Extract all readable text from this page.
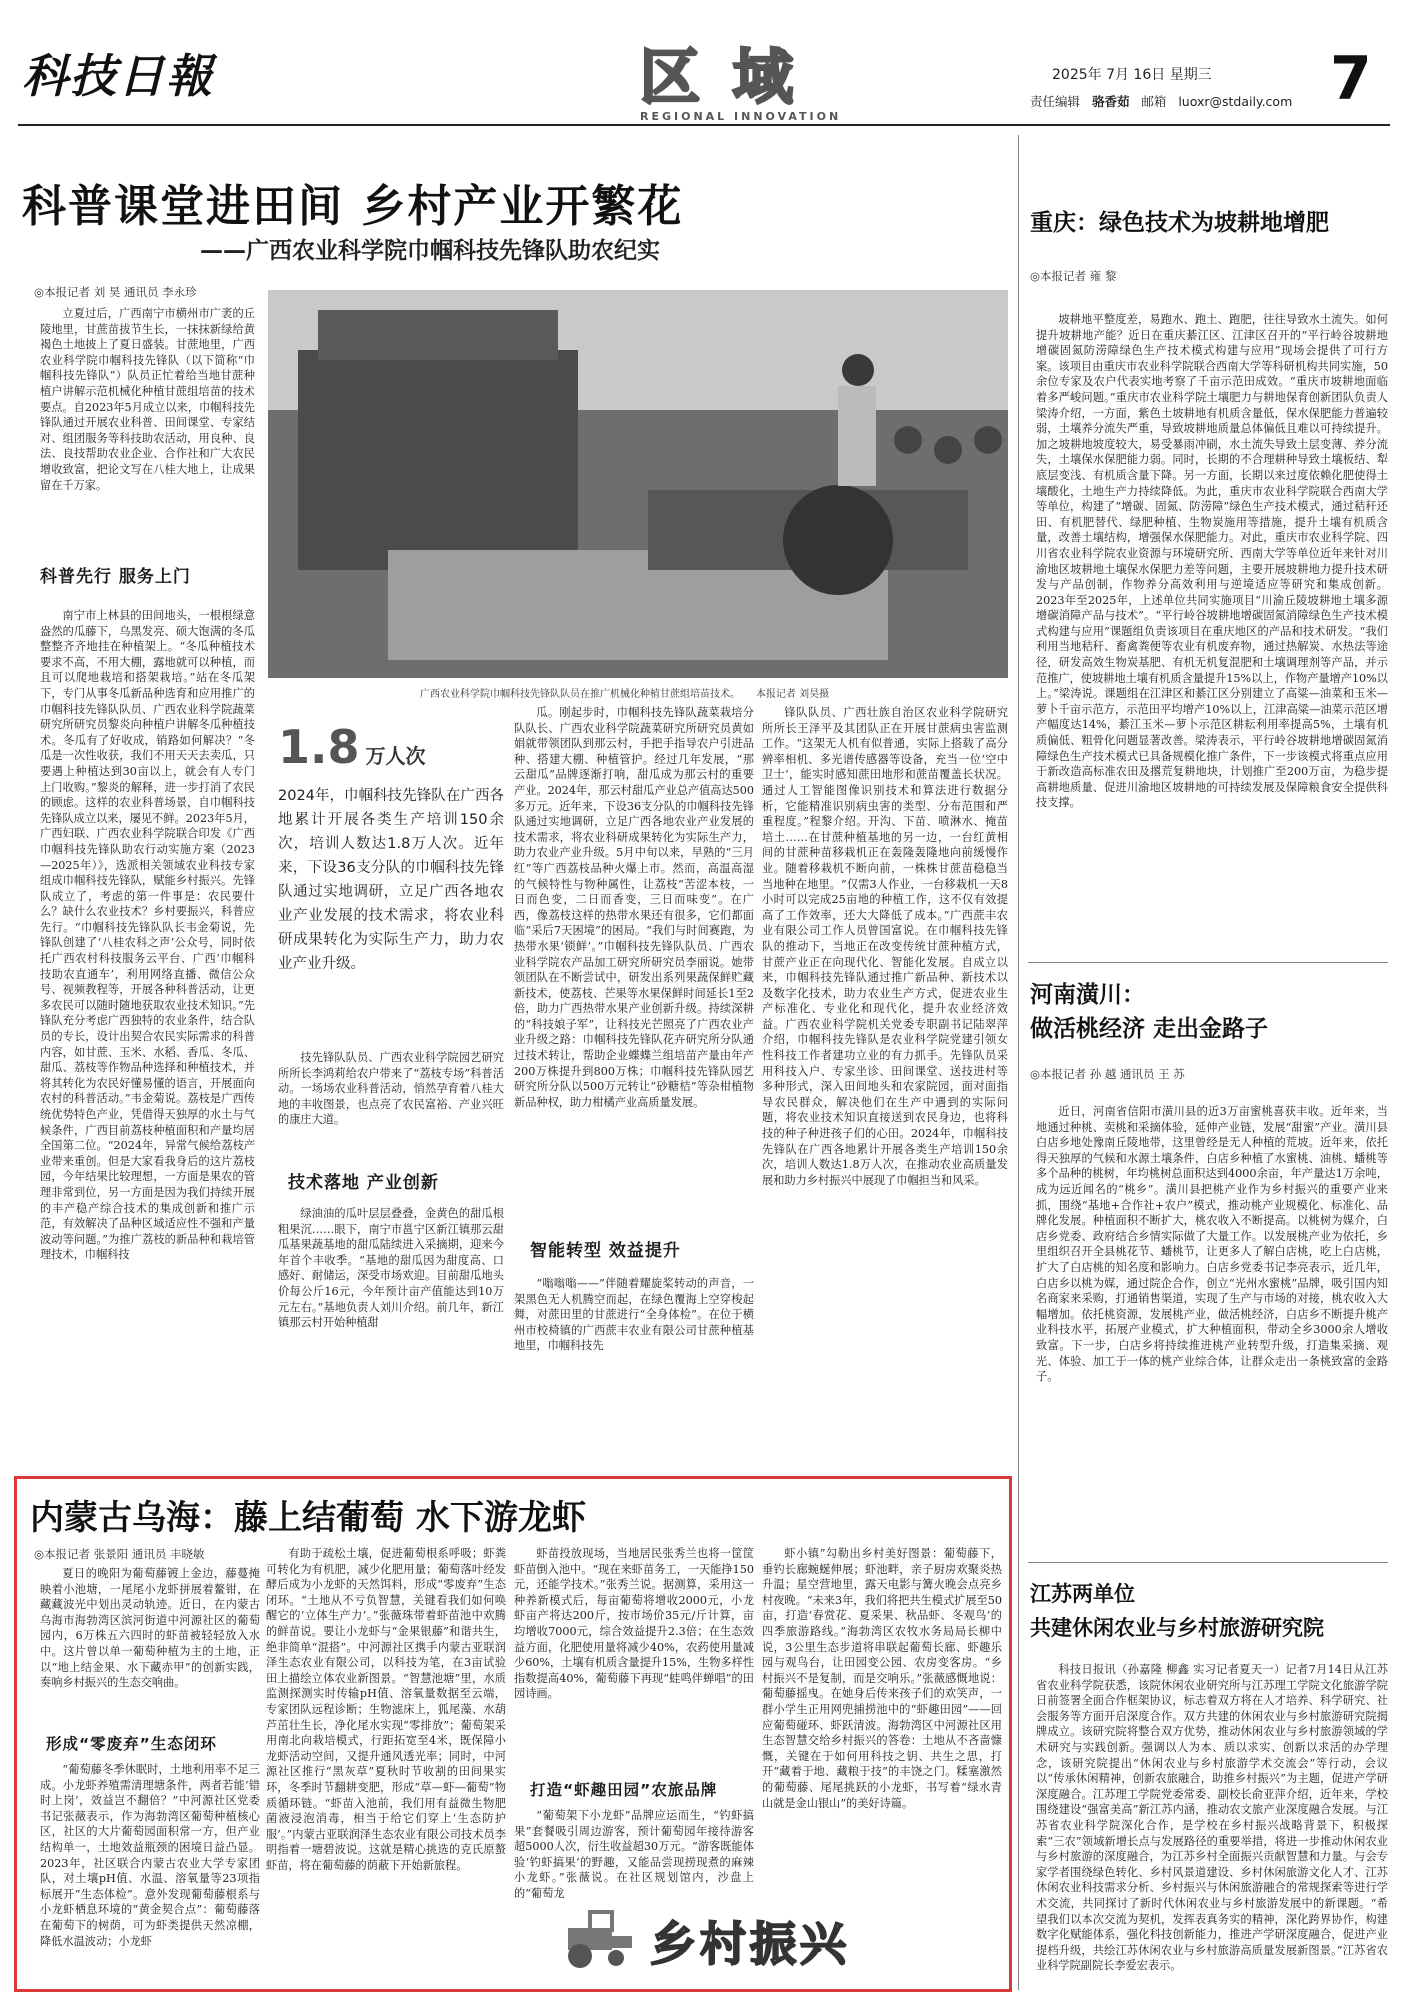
科技日報	区 域
REGIONAL INNOVATION
2025年 7月 16日 星期三
责任编辑 骆香茹 邮箱 luoxr@stdaily.com 7
科普课堂进田间 乡村产业开繁花
——广西农业科学院巾帼科技先锋队助农纪实
◎本报记者 刘 昊 通讯员 李永珍
立夏过后，广西南宁市横州市广袤的丘陵地里，甘蔗苗拔节生长，一抹抹新绿给黄褐色土地披上了夏日盛装。甘蔗地里，广西农业科学院巾帼科技先锋队（以下简称“巾帼科技先锋队”）队员正忙着给当地甘蔗种植户讲解示范机械化种植甘蔗组培苗的技术要点。自2023年5月成立以来，巾帼科技先锋队通过开展农业科普、田间课堂、专家结对、组团服务等科技助农活动，用良种、良法、良技帮助农业企业、合作社和广大农民增收致富，把论文写在八桂大地上，让成果留在千万家。
科普先行 服务上门
南宁市上林县的田间地头，一根根绿意盎然的瓜藤下，乌黑发亮、硕大饱满的冬瓜整整齐齐地挂在种植架上。“冬瓜种植技术要求不高，不用大棚，露地就可以种植，而且可以爬地栽培和搭架栽培。”站在冬瓜架下，专门从事冬瓜新品种选育和应用推广的巾帼科技先锋队队员、广西农业科学院蔬菜研究所研究员黎炎向种植户讲解冬瓜种植技术。冬瓜有了好收成，销路如何解决？“冬瓜是一次性收获，我们不用天天去卖瓜，只要遇上种植达到30亩以上，就会有人专门上门收购。”黎炎的解释，进一步打消了农民的顾虑。这样的农业科普场景，自巾帼科技先锋队成立以来，屡见不鲜。2023年5月，广西妇联、广西农业科学院联合印发《广西巾帼科技先锋队助农行动实施方案（2023—2025年）》，选派相关领域农业科技专家组成巾帼科技先锋队，赋能乡村振兴。先锋队成立了，考虑的第一件事是：农民要什么？缺什么农业技术？乡村要振兴，科普应先行。“巾帼科技先锋队队长韦金菊说，先锋队创建了‘八桂农科之声’公众号，同时依托广西农村科技服务云平台、广西‘巾帼科技助农直通车’，利用网络直播、微信公众号、视频教程等，开展各种科普活动，让更多农民可以随时随地获取农业技术知识。”先锋队充分考虑广西独特的农业条件，结合队员的专长，设计出契合农民实际需求的科普内容，如甘蔗、玉米、水稻、香瓜、冬瓜、甜瓜、荔枝等作物品种选择和种植技术，并将其转化为农民好懂易懂的语言，开展面向农村的科普活动。”韦金菊说。荔枝是广西传统优势特色产业，凭借得天独厚的水土与气候条件，广西目前荔枝种植面积和产量均居全国第二位。“2024年，异常气候给荔枝产业带来重创。但是大家看我身后的这片荔枝园，今年结果比较理想，一方面是果农的管理非常到位，另一方面是因为我们持续开展的丰产稳产综合技术的集成创新和推广示范，有效解决了品种区域适应性不强和产量波动等问题。”为推广荔枝的新品种和栽培管理技术，巾帼科技
广西农业科学院巾帼科技先锋队队员在推广机械化种植甘蔗组培苗技术。 本报记者 刘昊摄
1.8 万人次
2024年，巾帼科技先锋队在广西各地累计开展各类生产培训150余次，培训人数达1.8万人次。近年来，下设36支分队的巾帼科技先锋队通过实地调研，立足广西各地农业产业发展的技术需求，将农业科研成果转化为实际生产力，助力农业产业升级。
技先锋队队员、广西农业科学院园艺研究所所长李鸿莉给农户带来了“荔枝专场”科普活动。一场场农业科普活动，悄然孕育着八桂大地的丰收图景，也点亮了农民富裕、产业兴旺的康庄大道。
技术落地 产业创新
绿油油的瓜叶层层叠叠，金黄色的甜瓜根粗果沉……眼下，南宁市邕宁区新江镇那云甜瓜基果蔬基地的甜瓜陆续进入采摘期，迎来今年首个丰收季。“基地的甜瓜因为甜度高、口感好、耐储运，深受市场欢迎。目前甜瓜地头价每公斤16元，今年预计亩产值能达到10万元左右。”基地负责人刘川介绍。前几年，新江镇那云村开始种植甜
瓜。刚起步时，巾帼科技先锋队蔬菜栽培分队队长、广西农业科学院蔬菜研究所研究员黄如娟就带领团队到那云村，手把手指导农户引进品种、搭建大棚、种植管护。经过几年发展，“那云甜瓜”品牌逐渐打响，甜瓜成为那云村的重要产业。2024年，那云村甜瓜产业总产值高达500多万元。近年来，下设36支分队的巾帼科技先锋队通过实地调研，立足广西各地农业产业发展的技术需求，将农业科研成果转化为实际生产力，助力农业产业升级。5月中旬以来，早熟的“三月红”等广西荔枝品种火爆上市。然而，高温高湿的气候特性与物种属性，让荔枝“苦涩本枝，一日而色变，二日而香变，三日而味变”。在广西，像荔枝这样的热带水果还有很多，它们都面临“采后7天困境”的困局。“我们与时间赛跑，为热带水果‘锁鲜’。”巾帼科技先锋队队员、广西农业科学院农产品加工研究所研究员李丽说。她带领团队在不断尝试中，研发出系列果蔬保鲜贮藏新技术，使荔枝、芒果等水果保鲜时间延长1至2倍，助力广西热带水果产业创新升级。持续深耕的“科技娘子军”，让科技光芒照亮了广西农业产业升级之路：巾帼科技先锋队花卉研究所分队通过技术转让，帮助企业蝶蝶兰组培苗产量由年产200万株提升到800万株；巾帼科技先锋队园艺研究所分队以500万元转让“砂糖桔”等杂柑植物新品种权，助力柑橘产业高质量发展。
智能转型 效益提升
“嗡嗡嗡——”伴随着耀旋桨转动的声音，一架黑色无人机腾空而起，在绿色覆海上空穿梭起舞，对蔗田里的甘蔗进行“全身体检”。在位于横州市校椅镇的广西蔗丰农业有限公司甘蔗种植基地里，巾帼科技先
锋队队员、广西壮族自治区农业科学院研究所所长王泽平及其团队正在开展甘蔗病虫害监测工作。“这架无人机有似普通，实际上搭载了高分辨率相机、多光谱传感器等设备，充当一位‘空中卫士’，能实时感知蔗田地形和蔗苗覆盖长状况。通过人工智能图像识别技术和算法进行数据分析，它能精准识别病虫害的类型、分布范围和严重程度。”程黎介绍。开沟、下苗、喷淋水、掩苗培土……在甘蔗种植基地的另一边，一台红黄相间的甘蔗种苗移栽机正在轰隆轰隆地向前缓慢作业。随着移栽机不断向前，一株株甘蔗苗稳稳当当地种在地里。“仅需3人作业，一台移栽机一天8小时可以完成25亩地的种植工作，这不仅有效提高了工作效率，还大大降低了成本。”广西蔗丰农业有限公司工作人员曾国富说。在巾帼科技先锋队的推动下，当地正在改变传统甘蔗种植方式，甘蔗产业正在向现代化、智能化发展。自成立以来，巾帼科技先锋队通过推广新品种、新技术以及数字化技术，助力农业生产方式，促进农业生产标准化、专业化和现代化，提升农业经济效益。广西农业科学院机关党委专职副书记陆翠萍介绍，巾帼科技先锋队是农业科学院党建引领女性科技工作者建功立业的有力抓手。先锋队员采用科技入户、专家坐诊、田间课堂、送技进村等多种形式，深入田间地头和农家院园，面对面指导农民群众，解决他们在生产中遇到的实际问题，将农业技术知识直接送到农民身边，也将科技的种子种进孩子们的心田。2024年，巾帼科技先锋队在广西各地累计开展各类生产培训150余次，培训人数达1.8万人次，在推动农业高质量发展和助力乡村振兴中展现了巾帼担当和风采。
重庆：绿色技术为坡耕地增肥
◎本报记者 雍 黎
坡耕地平整度差，易跑水、跑土、跑肥，往往导致水土流失。如何提升坡耕地产能？近日在重庆綦江区、江津区召开的“平行岭谷坡耕地增碳固氮防涝障绿色生产技术模式构建与应用”现场会提供了可行方案。该项目由重庆市农业科学院联合西南大学等科研机构共同实施，50余位专家及农户代表实地考察了千亩示范田成效。“重庆市坡耕地面临着多严峻问题。”重庆市农业科学院土壤肥力与耕地保育创新团队负责人梁涛介绍，一方面，紫色土坡耕地有机质含量低，保水保肥能力普遍较弱，土壤养分流失严重，导致坡耕地质量总体偏低且难以可持续提升。加之坡耕地坡度较大，易受暴雨冲刷，水土流失导致土层变薄、养分流失，土壤保水保肥能力弱。同时，长期的不合理耕种导致土壤板结、犁底层变浅、有机质含量下降。另一方面，长期以来过度依赖化肥使得土壤酸化，土地生产力持续降低。为此，重庆市农业科学院联合西南大学等单位，构建了“增碳、固氮、防涝障”绿色生产技术模式，通过秸秆还田、有机肥替代、绿肥种植、生物炭施用等措施，提升土壤有机质含量，改善土壤结构，增强保水保肥能力。对此，重庆市农业科学院、四川省农业科学院农业资源与环境研究所、西南大学等单位近年来针对川渝地区坡耕地土壤保水保肥力差等问题，主要开展坡耕地力提升技术研发与产品创制，作物养分高效利用与逆境适应等研究和集成创新。2023年至2025年，上述单位共同实施项目“川渝丘陵坡耕地土壤多源增碳消障产品与技术”。“平行岭谷坡耕地增碳固氮消障绿色生产技术模式构建与应用”课题组负责该项目在重庆地区的产品和技术研发。“我们利用当地秸秆、畜禽粪便等农业有机废弃物，通过热解炭、水热法等途径，研发高效生物炭基肥、有机无机复混肥和土壤调理剂等产品，并示范推广，使坡耕地土壤有机质含量提升15%以上，作物产量增产10%以上。”梁涛说。课题组在江津区和綦江区分别建立了高粱—油菜和玉米—萝卜千亩示范方，示范田平均增产10%以上，江津高粱—油菜示范区增产幅度达14%，綦江玉米—萝卜示范区耕耘利用率提高5%，土壤有机质偏低、粗骨化问题显著改善。梁涛表示，平行岭谷坡耕地增碳固氮消障绿色生产技术模式已具备规模化推广条件，下一步该模式将重点应用于新改造高标准农田及撂荒复耕地块，计划推广至200万亩，为稳步提高耕地质量、促进川渝地区坡耕地的可持续发展及保障粮食安全提供科技支撑。
河南潢川：
做活桃经济 走出金路子
◎本报记者 孙 越 通讯员 王 苏
近日，河南省信阳市潢川县的近3万亩蜜桃喜获丰收。近年来，当地通过种桃、卖桃和采摘体验，延伸产业链，发展“甜蜜”产业。潢川县白店乡地处豫南丘陵地带，这里曾经是无人种植的荒坡。近年来，依托得天独厚的气候和水源土壤条件，白店乡种植了水蜜桃、油桃、蟠桃等多个品种的桃树，年均桃树总面积达到4000余亩，年产量达1万余吨，成为远近闻名的“桃乡”。潢川县把桃产业作为乡村振兴的重要产业来抓，围绕“基地+合作社+农户”模式，推动桃产业规模化、标准化、品牌化发展。种植面积不断扩大，桃农收入不断提高。以桃树为媒介，白店乡党委、政府结合乡情实际做了大量工作。以发展桃产业为依托，乡里组织召开全县桃花节、蟠桃节，让更多人了解白店桃，吃上白店桃，扩大了白店桃的知名度和影响力。白店乡党委书记李亮表示，近几年，白店乡以桃为媒，通过院企合作，创立“光州水蜜桃”品牌，吸引国内知名商家来采购，打通销售渠道，实现了生产与市场的对接，桃农收入大幅增加。依托桃资源，发展桃产业，做活桃经济，白店乡不断提升桃产业科技水平，拓展产业模式，扩大种植面积，带动全乡3000余人增收致富。下一步，白店乡将持续推进桃产业转型升级，打造集采摘、观光、体验、加工于一体的桃产业综合体，让群众走出一条桃致富的金路子。
江苏两单位
共建休闲农业与乡村旅游研究院
科技日报讯（孙嘉隆 柳鑫 实习记者夏天一）记者7月14日从江苏省农业科学院获悉，该院休闲农业研究所与江苏理工学院文化旅游学院日前签署全面合作框架协议，标志着双方将在人才培养、科学研究、社会服务等方面开启深度合作。双方共建的休闲农业与乡村旅游研究院揭牌成立。该研究院将整合双方优势，推动休闲农业与乡村旅游领域的学术研究与实践创新。强调以人为本、质以求实、创新以求活的办学理念，该研究院提出“休闲农业与乡村旅游学术交流会”等行动，会议以“传承休闲精神，创新农旅融合，助推乡村振兴”为主题，促进产学研深度融合。江苏理工学院党委常委、副校长俞亚萍介绍，近年来，学校围绕建设“强富美高”新江苏内涵，推动农文旅产业深度融合发展。与江苏省农业科学院深化合作，是学校在乡村振兴战略背景下，积极探索“三农”领域新增长点与发展路径的重要举措，将进一步推动休闲农业与乡村旅游的深度融合，为江苏乡村全面振兴贡献智慧和力量。与会专家学者围绕绿色转化、乡村风景道建设、乡村休闲旅游文化人才、江苏休闲农业科技需求分析、乡村振兴与休闲旅游融合的常规探索等进行学术交流，共同探讨了新时代休闲农业与乡村旅游发展中的新课题。“希望我们以本次交流为契机，发挥表真务实的精神，深化跨界协作，构建数字化赋能体系，强化科技创新能力，推进产学研深度融合，促进产业提档升级，共绘江苏休闲农业与乡村旅游高质量发展新图景。”江苏省农业科学院副院长李爱宏表示。
内蒙古乌海：藤上结葡萄 水下游龙虾
◎本报记者 张景阳 通讯员 丰晓敏
夏日的晚阳为葡萄藤镀上金边，藤蔓掩映着小池塘，一尾尾小龙虾拼展着鳌钳，在藏藏波光中划出灵动轨迹。近日，在内蒙古乌海市海勃湾区滨河街道中河源社区的葡萄园内，6万株五六四时的虾苗被轻轻放入水中。这片曾以单一葡萄种植为主的土地，正以“地上结金果、水下藏赤甲”的创新实践，奏响乡村振兴的生态交响曲。
形成“零废弃”生态闭环
“葡萄藤冬季休眠时，土地利用率不足三成。小龙虾养殖需清理塘条件，两者若能‘错时上岗’，效益岂不翻倍？”中河源社区党委书记张薇表示，作为海勃湾区葡萄种植核心区，社区的大片葡萄园面积常一方，但产业结构单一，土地效益瓶颈的困境日益凸显。2023年，社区联合内蒙古农业大学专家团队，对土壤pH值、水温、溶氧量等23项指标展开“生态体检”。意外发现葡萄藤根系与小龙虾栖息环境的“黄金契合点”：葡萄藤落在葡萄下的树荫，可为虾类提供天然凉棚，降低水温波动；小龙虾
有助于疏松土壤，促进葡萄根系呼吸；虾粪可转化为有机肥，减少化肥用量；葡萄落叶经发酵后成为小龙虾的天然饵料，形成“零废弃”生态闭环。“土地从不亏负智慧，关键看我们如何唤醒它的‘立体生产力’。”张薇珠带着虾苗池中欢腾的鲜苗说。要让小龙虾与“金果银藤”和谐共生，绝非简单“混搭”。中河源社区携手内蒙古亚联润泽生态农业有限公司，以科技为笔，在3亩试验田上描绘立体农业新图景。“智慧池塘”里，水质监测探测实时传输pH值、溶氧量数据至云端，专家团队远程诊断；生物滤床上，狐尾藻、水葫芦茁壮生长，净化尾水实现“零排放”；葡萄架采用南北向栽培模式，行距拓宽至4米，既保障小龙虾活动空间，又提升通风透光率；同时，中河源社区推行“黑灰草”夏秋时节收割的田间果实环，冬季时节翻耕变肥，形成“草—虾—葡萄”物质循环链。“虾苗入池前，我们用有益微生物肥菌液浸泡消毒，相当于给它们穿上‘生态防护服’。”内蒙古亚联润泽生态农业有限公司技术员李明指着一塘碧波说。这就是精心挑选的克氏原螯虾苗，将在葡萄藤的荫蔽下开始新旅程。
虾苗投放现场，当地居民张秀兰也将一筐筐虾苗倒入池中。“现在来虾苗务工，一天能挣150元，还能学技术。”张秀兰说。据测算，采用这一种养新模式后，每亩葡萄将增收2000元，小龙虾亩产将达200斤，按市场价35元/斤计算，亩均增收7000元，综合效益提升2.3倍；在生态效益方面，化肥使用量将减少40%，农药使用量减少60%，土壤有机质含量提升15%，生物多样性指数提高40%，葡萄藤下再现“蛙鸣伴蝉唱”的田园诗画。
打造“虾趣田园”农旅品牌
“葡萄架下小龙虾”品牌应运而生，“钓虾搞果”套餐吸引周边游客，预计葡萄园年接待游客超5000人次，衍生收益超30万元。“游客既能体验‘钓虾搞果’的野趣，又能品尝现捞现煮的麻辣小龙虾。”张薇说。在社区规划馆内，沙盘上的“葡萄龙
虾小镇”勾勒出乡村美好图景：葡萄藤下，垂钓长廊蜿蜒伸展；虾池畔，亲子厨房欢聚炎热升温；星空营地里，露天电影与篝火晚会点亮乡村夜晚。“未来3年，我们将把共生模式扩展至50亩，打造‘春赏花、夏采果、秋品虾、冬观鸟’的四季旅游路线。”海勃湾区农牧水务局局长柳中说，3公里生态步道将串联起葡萄长廊、虾趣乐园与观鸟台，让田园变公园、农房变客房。“乡村振兴不是复制，而是交响乐。”张薇感慨地说：葡萄藤摇曳。在她身后传来孩子们的欢笑声，一群小学生正用网兜捕捞池中的“虾趣田园”——回应葡萄碰环、虾跃清波。海勃湾区中河源社区用生态智慧交给乡村振兴的答卷：土地从不吝啬慷慨，关键在于如何用科技之钥、共生之思，打开“藏着于地、藏粮于技”的丰饶之门。糅塞激然的葡萄藤、尾尾挑跃的小龙虾，书写着“绿水青山就是金山银山”的美好诗篇。
乡村振兴
